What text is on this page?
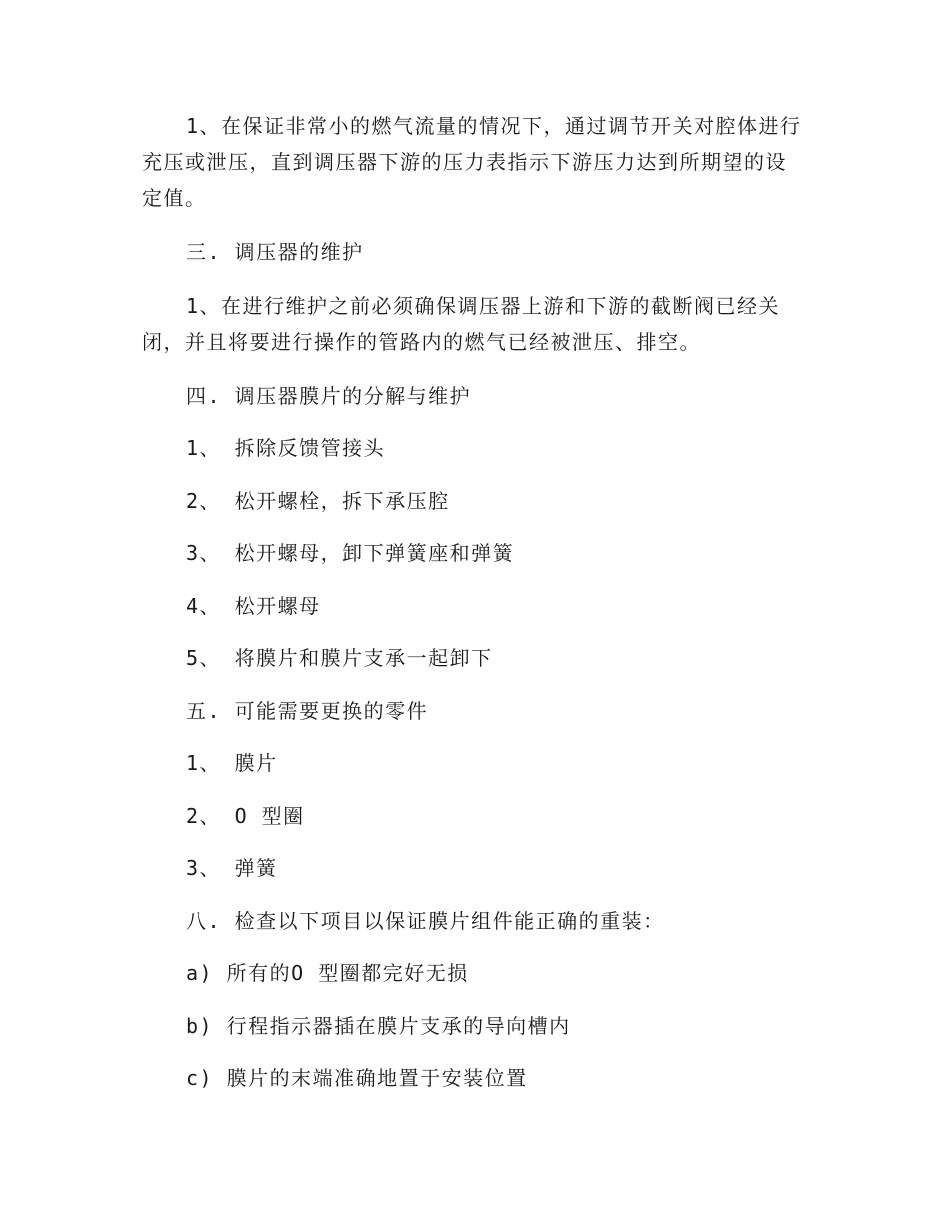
1、在保证非常小的燃气流量的情况下，通过调节开关对腔体进行
充压或泄压，直到调压器下游的压力表指示下游压力达到所期望的设
定值。
三. 调压器的维护
1、在进行维护之前必须确保调压器上游和下游的截断阀已经关
闭，并且将要进行操作的管路内的燃气已经被泄压、排空。
四. 调压器膜片的分解与维护
1、 拆除反馈管接头
2、 松开螺栓，拆下承压腔
3、 松开螺母，卸下弹簧座和弹簧
4、 松开螺母
5、 将膜片和膜片支承一起卸下
五. 可能需要更换的零件
1、 膜片
2、 O 型圈
3、 弹簧
八. 检查以下项目以保证膜片组件能正确的重装：
a) 所有的O 型圈都完好无损
b) 行程指示器插在膜片支承的导向槽内
c) 膜片的末端准确地置于安装位置
